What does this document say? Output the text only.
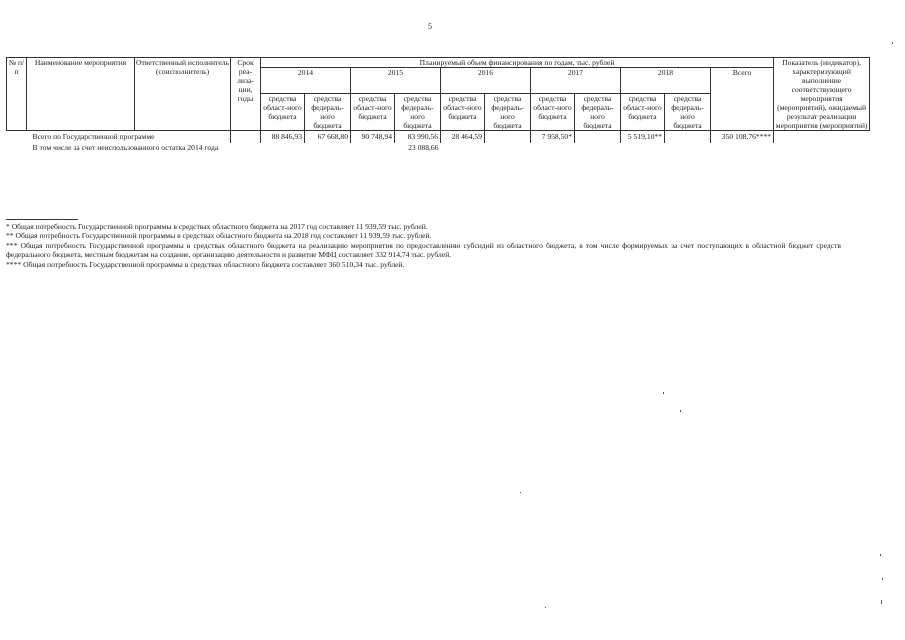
5
№ п/п	Наименование мероприятия	Ответственный исполнитель (соисполнитель)	Срок реа-лиза-ции, годы	Планируемый объем финансирования по годам, тыс. рублей											Показатель (индикатор), характеризующий выполнение соответствующего мероприятия (мероприятий), ожидаемый результат реализации мероприятия (мероприятий)
				2014		2015		2016		2017		2018		Всего	
				средства област-ного бюджета	средства федераль-ного бюджета	средства област-ного бюджета	средства федераль-ного бюджета	средства област-ного бюджета	средства федераль-ного бюджета	средства област-ного бюджета	средства федераль-ного бюджета	средства област-ного бюджета	средства федераль-ного бюджета		
Всего по Государственной программе				88 846,93	67 668,80	90 748,94	83 990,56	28 464,59		7 958,50*		5 519,10**		350 108,76****	
В том числе за счет неиспользованного остатка 2014 года							23 088,66								

* Общая потребность Государственной программы в средствах областного бюджета на 2017 год составляет 11 939,59 тыс. рублей.

** Общая потребность Государственной программы в средствах областного бюджета на 2018 год составляет 11 939,59 тыс. рублей.

*** Общая потребность Государственной программы в средствах областного бюджета на реализацию мероприятия по предоставлению субсидий из областного бюджета, в том числе формируемых за счет поступающих в областной бюджет средств федерального бюджета, местным бюджетам на создание, организацию деятельности и развитие МФЦ составляет 332 914,74 тыс. рублей.

**** Общая потребность Государственной программы в средствах областного бюджета составляет 360 510,34 тыс. рублей.
